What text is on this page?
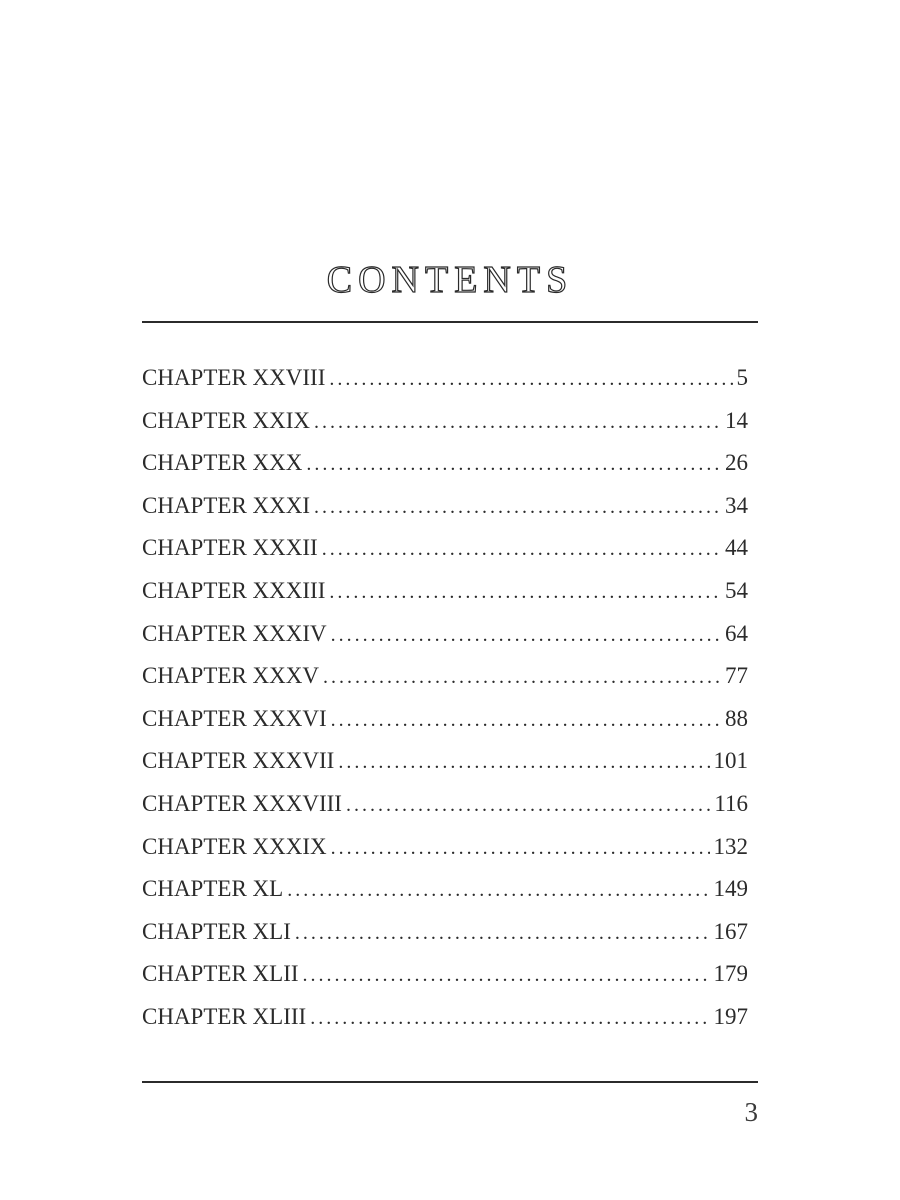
CONTENTS
CHAPTER XXVIII . . .	5
CHAPTER XXIX . . .	14
CHAPTER XXX . . .	26
CHAPTER XXXI . . .	34
CHAPTER XXXII . . .	44
CHAPTER XXXIII . . .	54
CHAPTER XXXIV . . .	64
CHAPTER XXXV . . .	77
CHAPTER XXXVI . . .	88
CHAPTER XXXVII . . .	101
CHAPTER XXXVIII . . .	116
CHAPTER XXXIX . . .	132
CHAPTER XL . . .	149
CHAPTER XLI . . .	167
CHAPTER XLII . . .	179
CHAPTER XLIII . . .	197
3
